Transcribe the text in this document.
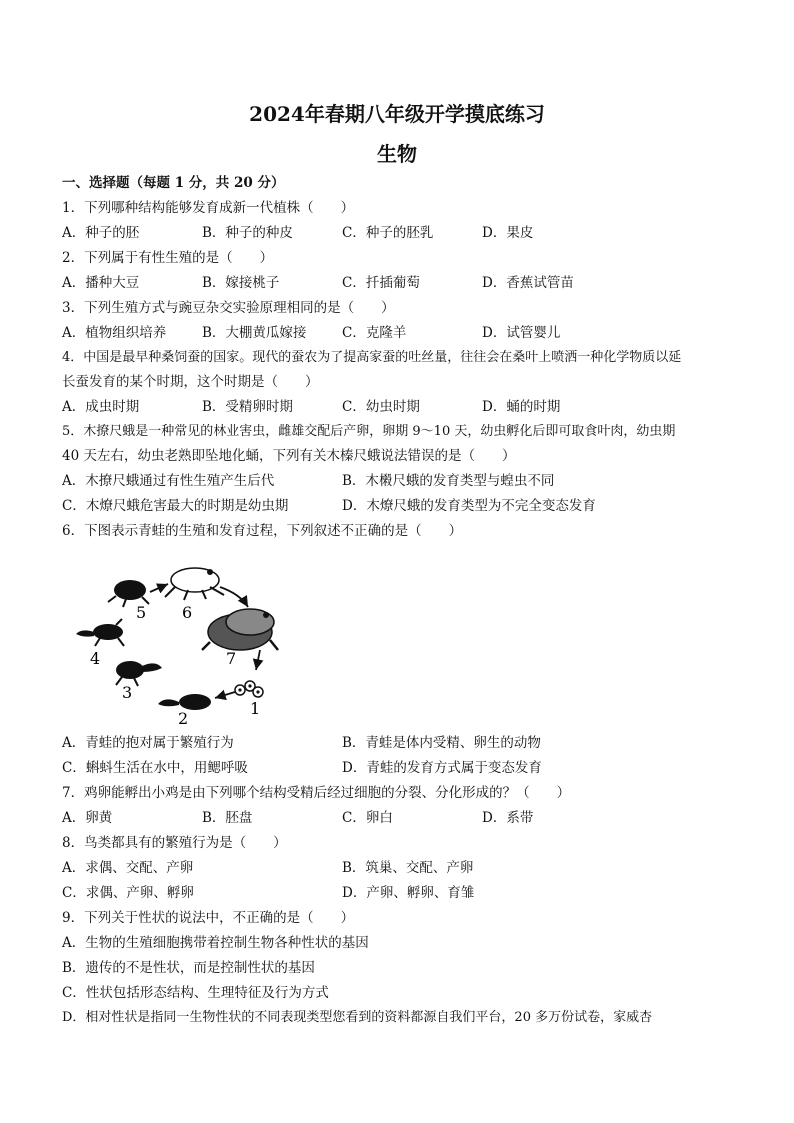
2024年春期八年级开学摸底练习
生物
一、选择题（每题 1 分，共 20 分）
1．下列哪种结构能够发育成新一代植株（　　）
A．种子的胚	B．种子的种皮	C．种子的胚乳	D．果皮
2．下列属于有性生殖的是（　　）
A．播种大豆	B．嫁接桃子	C．扦插葡萄	D．香蕉试管苗
3．下列生殖方式与豌豆杂交实验原理相同的是（　　）
A．植物组织培养	B．大棚黄瓜嫁接	C．克隆羊	D．试管婴儿
4．中国是最早种桑饲蚕的国家。现代的蚕农为了提高家蚕的吐丝量，往往会在桑叶上喷洒一种化学物质以延
长蚕发育的某个时期，这个时期是（　　）
A．成虫时期	B．受精卵时期	C．幼虫时期	D．蛹的时期
5．木撩尺蛾是一种常见的林业害虫，雌雄交配后产卵，卵期 9～10 天，幼虫孵化后即可取食叶肉，幼虫期
40 天左右，幼虫老熟即坠地化蛹，下列有关木榛尺蛾说法错误的是（　　）
A．木撩尺蛾通过有性生殖产生后代	B．木樧尺蛾的发育类型与蝗虫不同
C．木燎尺蛾危害最大的时期是幼虫期	D．木燎尺蛾的发育类型为不完全变态发育
6．下图表示青蛙的生殖和发育过程，下列叙述不正确的是（　　）
1
2
3
4
5 6
7
A．青蛙的抱对属于繁殖行为	B．青蛙是体内受精、卵生的动物
C．蝌蚪生活在水中，用鳃呼吸	D．青蛙的发育方式属于变态发育
7．鸡卵能孵出小鸡是由下列哪个结构受精后经过细胞的分裂、分化形成的？（　　）
A．卵黄	B．胚盘	C．卵白	D．系带
8．鸟类都具有的繁殖行为是（　　）
A．求偶、交配、产卵	B．筑巢、交配、产卵
C．求偶、产卵、孵卵	D．产卵、孵卵、育雏
9．下列关于性状的说法中，不正确的是（　　）
A．生物的生殖细胞携带着控制生物各种性状的基因
B．遗传的不是性状，而是控制性状的基因
C．性状包括形态结构、生理特征及行为方式
D．相对性状是指同一生物性状的不同表现类型您看到的资料都源自我们平台，20 多万份试卷，家威杏
